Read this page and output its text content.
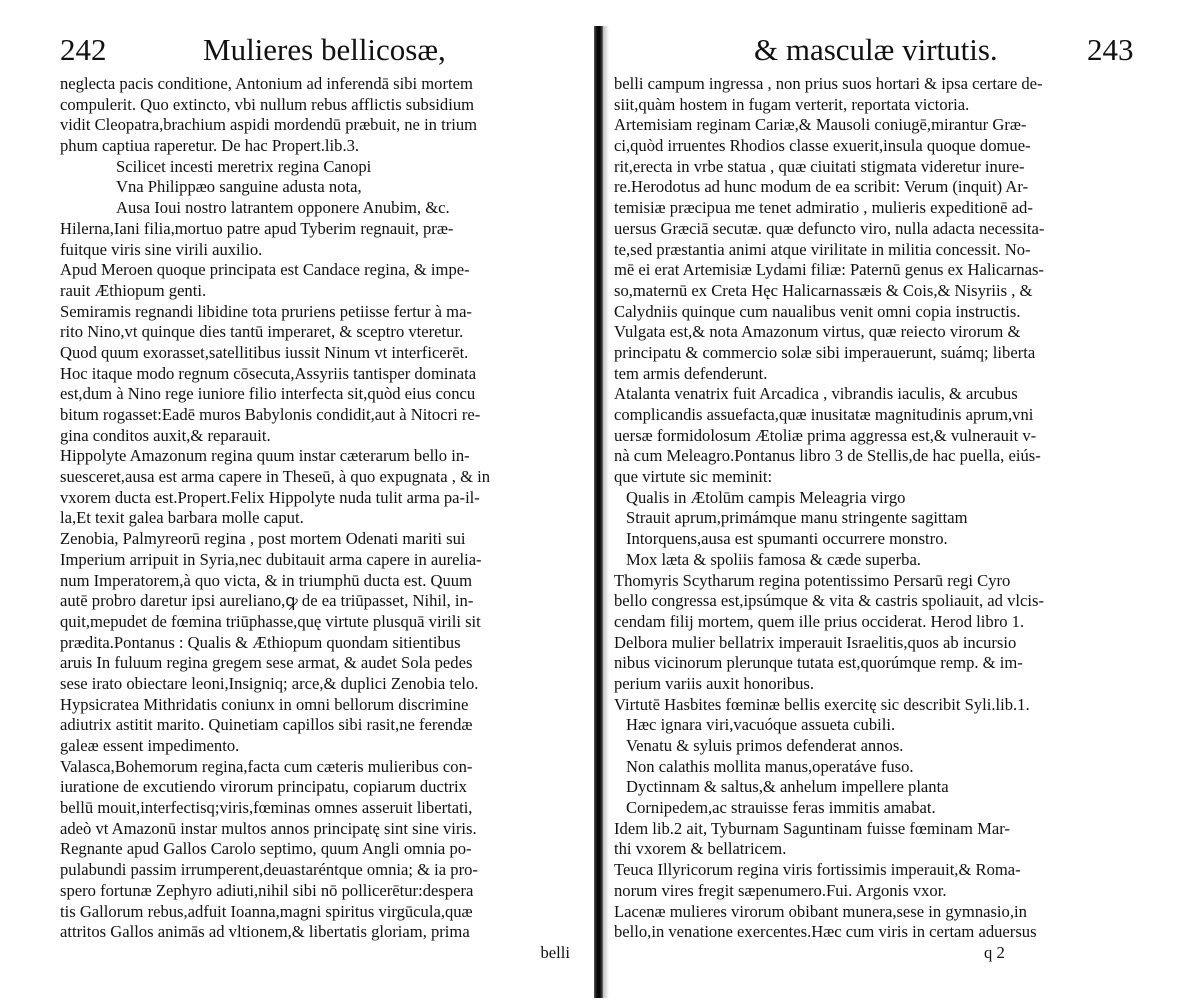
242	Mulieres bellicosæ,
neglecta pacis conditione, Antonium ad inferendā sibi mortem
compulerit. Quo extincto, vbi nullum rebus afflictis subsidium
vidit Cleopatra,brachium aspidi mordendū præbuit, ne in trium
phum captiua raperetur. De hac Propert.lib.3.
Scilicet incesti meretrix regina Canopi
Vna Philippæo sanguine adusta nota,
Ausa Ioui nostro latrantem opponere Anubim, &c.
Hilerna,Iani filia,mortuo patre apud Tyberim regnauit, præ-
fuitque viris sine virili auxilio.
Apud Meroen quoque principata est Candace regina, & impe-
rauit Æthiopum genti.
Semiramis regnandi libidine tota pruriens petiisse fertur à ma-
rito Nino,vt quinque dies tantū imperaret, & sceptro vteretur.
Quod quum exorasset,satellitibus iussit Ninum vt interficerēt.
Hoc itaque modo regnum cōsecuta,Assyriis tantisper dominata
est,dum à Nino rege iuniore filio interfecta sit,quòd eius concu
bitum rogasset:Eadē muros Babylonis condidit,aut à Nitocri re-
gina conditos auxit,& reparauit.
Hippolyte Amazonum regina quum instar cæterarum bello in-
suesceret,ausa est arma capere in Theseū, à quo expugnata , & in
vxorem ducta est.Propert.Felix Hippolyte nuda tulit arma pa-il-
la,Et texit galea barbara molle caput.
Zenobia, Palmyreorū regina , post mortem Odenati mariti sui
Imperium arripuit in Syria,nec dubitauit arma capere in aurelia-
num Imperatorem,à quo victa, & in triumphū ducta est. Quum
autē probro daretur ipsi aureliano,ꝙ de ea triūpasset, Nihil, in-
quit,mepudet de fœmina triūphasse,quę virtute plusquā virili sit
prædita.Pontanus : Qualis & Æthiopum quondam sitientibus
aruis In fuluum regina gregem sese armat, & audet Sola pedes
sese irato obiectare leoni,Insigniq; arce,& duplici Zenobia telo.
Hypsicratea Mithridatis coniunx in omni bellorum discrimine
adiutrix astitit marito. Quinetiam capillos sibi rasit,ne ferendæ
galeæ essent impedimento.
Valasca,Bohemorum regina,facta cum cæteris mulieribus con-
iuratione de excutiendo virorum principatu, copiarum ductrix
bellū mouit,interfectisq;viris,fœminas omnes asseruit libertati,
adeò vt Amazonū instar multos annos principatę sint sine viris.
Regnante apud Gallos Carolo septimo, quum Angli omnia po-
pulabundi passim irrumperent,deuastaréntque omnia; & ia pro-
spero fortunæ Zephyro adiuti,nihil sibi nō pollicerētur:despera
tis Gallorum rebus,adfuit Ioanna,magni spiritus virgūcula,quæ
attritos Gallos animās ad vltionem,& libertatis gloriam, prima
belli
& masculæ virtutis.	243
belli campum ingressa , non prius suos hortari & ipsa certare de-
siit,quàm hostem in fugam verterit, reportata victoria.
Artemisiam reginam Cariæ,& Mausoli coniugē,mirantur Græ-
ci,quòd irruentes Rhodios classe exuerit,insula quoque domue-
rit,erecta in vrbe statua , quæ ciuitati stigmata videretur inure-
re.Herodotus ad hunc modum de ea scribit: Verum (inquit) Ar-
temisiæ præcipua me tenet admiratio , mulieris expeditionē ad-
uersus Græciā secutæ. quæ defuncto viro, nulla adacta necessita-
te,sed præstantia animi atque virilitate in militia concessit. No-
mē ei erat Artemisiæ Lydami filiæ: Paternū genus ex Halicarnas-
so,maternū ex Creta Hęc Halicarnassæis & Cois,& Nisyriis , &
Calydniis quinque cum naualibus venit omni copia instructis.
Vulgata est,& nota Amazonum virtus, quæ reiecto virorum &
principatu & commercio solæ sibi imperauerunt, suámq; liberta
tem armis defenderunt.
Atalanta venatrix fuit Arcadica , vibrandis iaculis, & arcubus
complicandis assuefacta,quæ inusitatæ magnitudinis aprum,vni
uersæ formidolosum Ætoliæ prima aggressa est,& vulnerauit v-
nà cum Meleagro.Pontanus libro 3 de Stellis,de hac puella, eiús-
que virtute sic meminit:
Qualis in Ætolūm campis Meleagria virgo
Strauit aprum,primámque manu stringente sagittam
Intorquens,ausa est spumanti occurrere monstro.
Mox læta & spoliis famosa & cæde superba.
Thomyris Scytharum regina potentissimo Persarū regi Cyro
bello congressa est,ipsúmque & vita & castris spoliauit, ad vlcis-
cendam filij mortem, quem ille prius occiderat. Herod libro 1.
Delbora mulier bellatrix imperauit Israelitis,quos ab incursio
nibus vicinorum plerunque tutata est,quorúmque remp. & im-
perium variis auxit honoribus.
Virtutē Hasbites fœminæ bellis exercitę sic describit Syli.lib.1.
Hæc ignara viri,vacuóque assueta cubili.
Venatu & syluis primos defenderat annos.
Non calathis mollita manus,operatáve fuso.
Dyctinnam & saltus,& anhelum impellere planta
Cornipedem,ac strauisse feras immitis amabat.
Idem lib.2 ait, Tyburnam Saguntinam fuisse fœminam Mar-
thi vxorem & bellatricem.
Teuca Illyricorum regina viris fortissimis imperauit,& Roma-
norum vires fregit sæpenumero.Fui. Argonis vxor.
Lacenæ mulieres virorum obibant munera,sese in gymnasio,in
bello,in venatione exercentes.Hæc cum viris in certam aduersus
q 2
